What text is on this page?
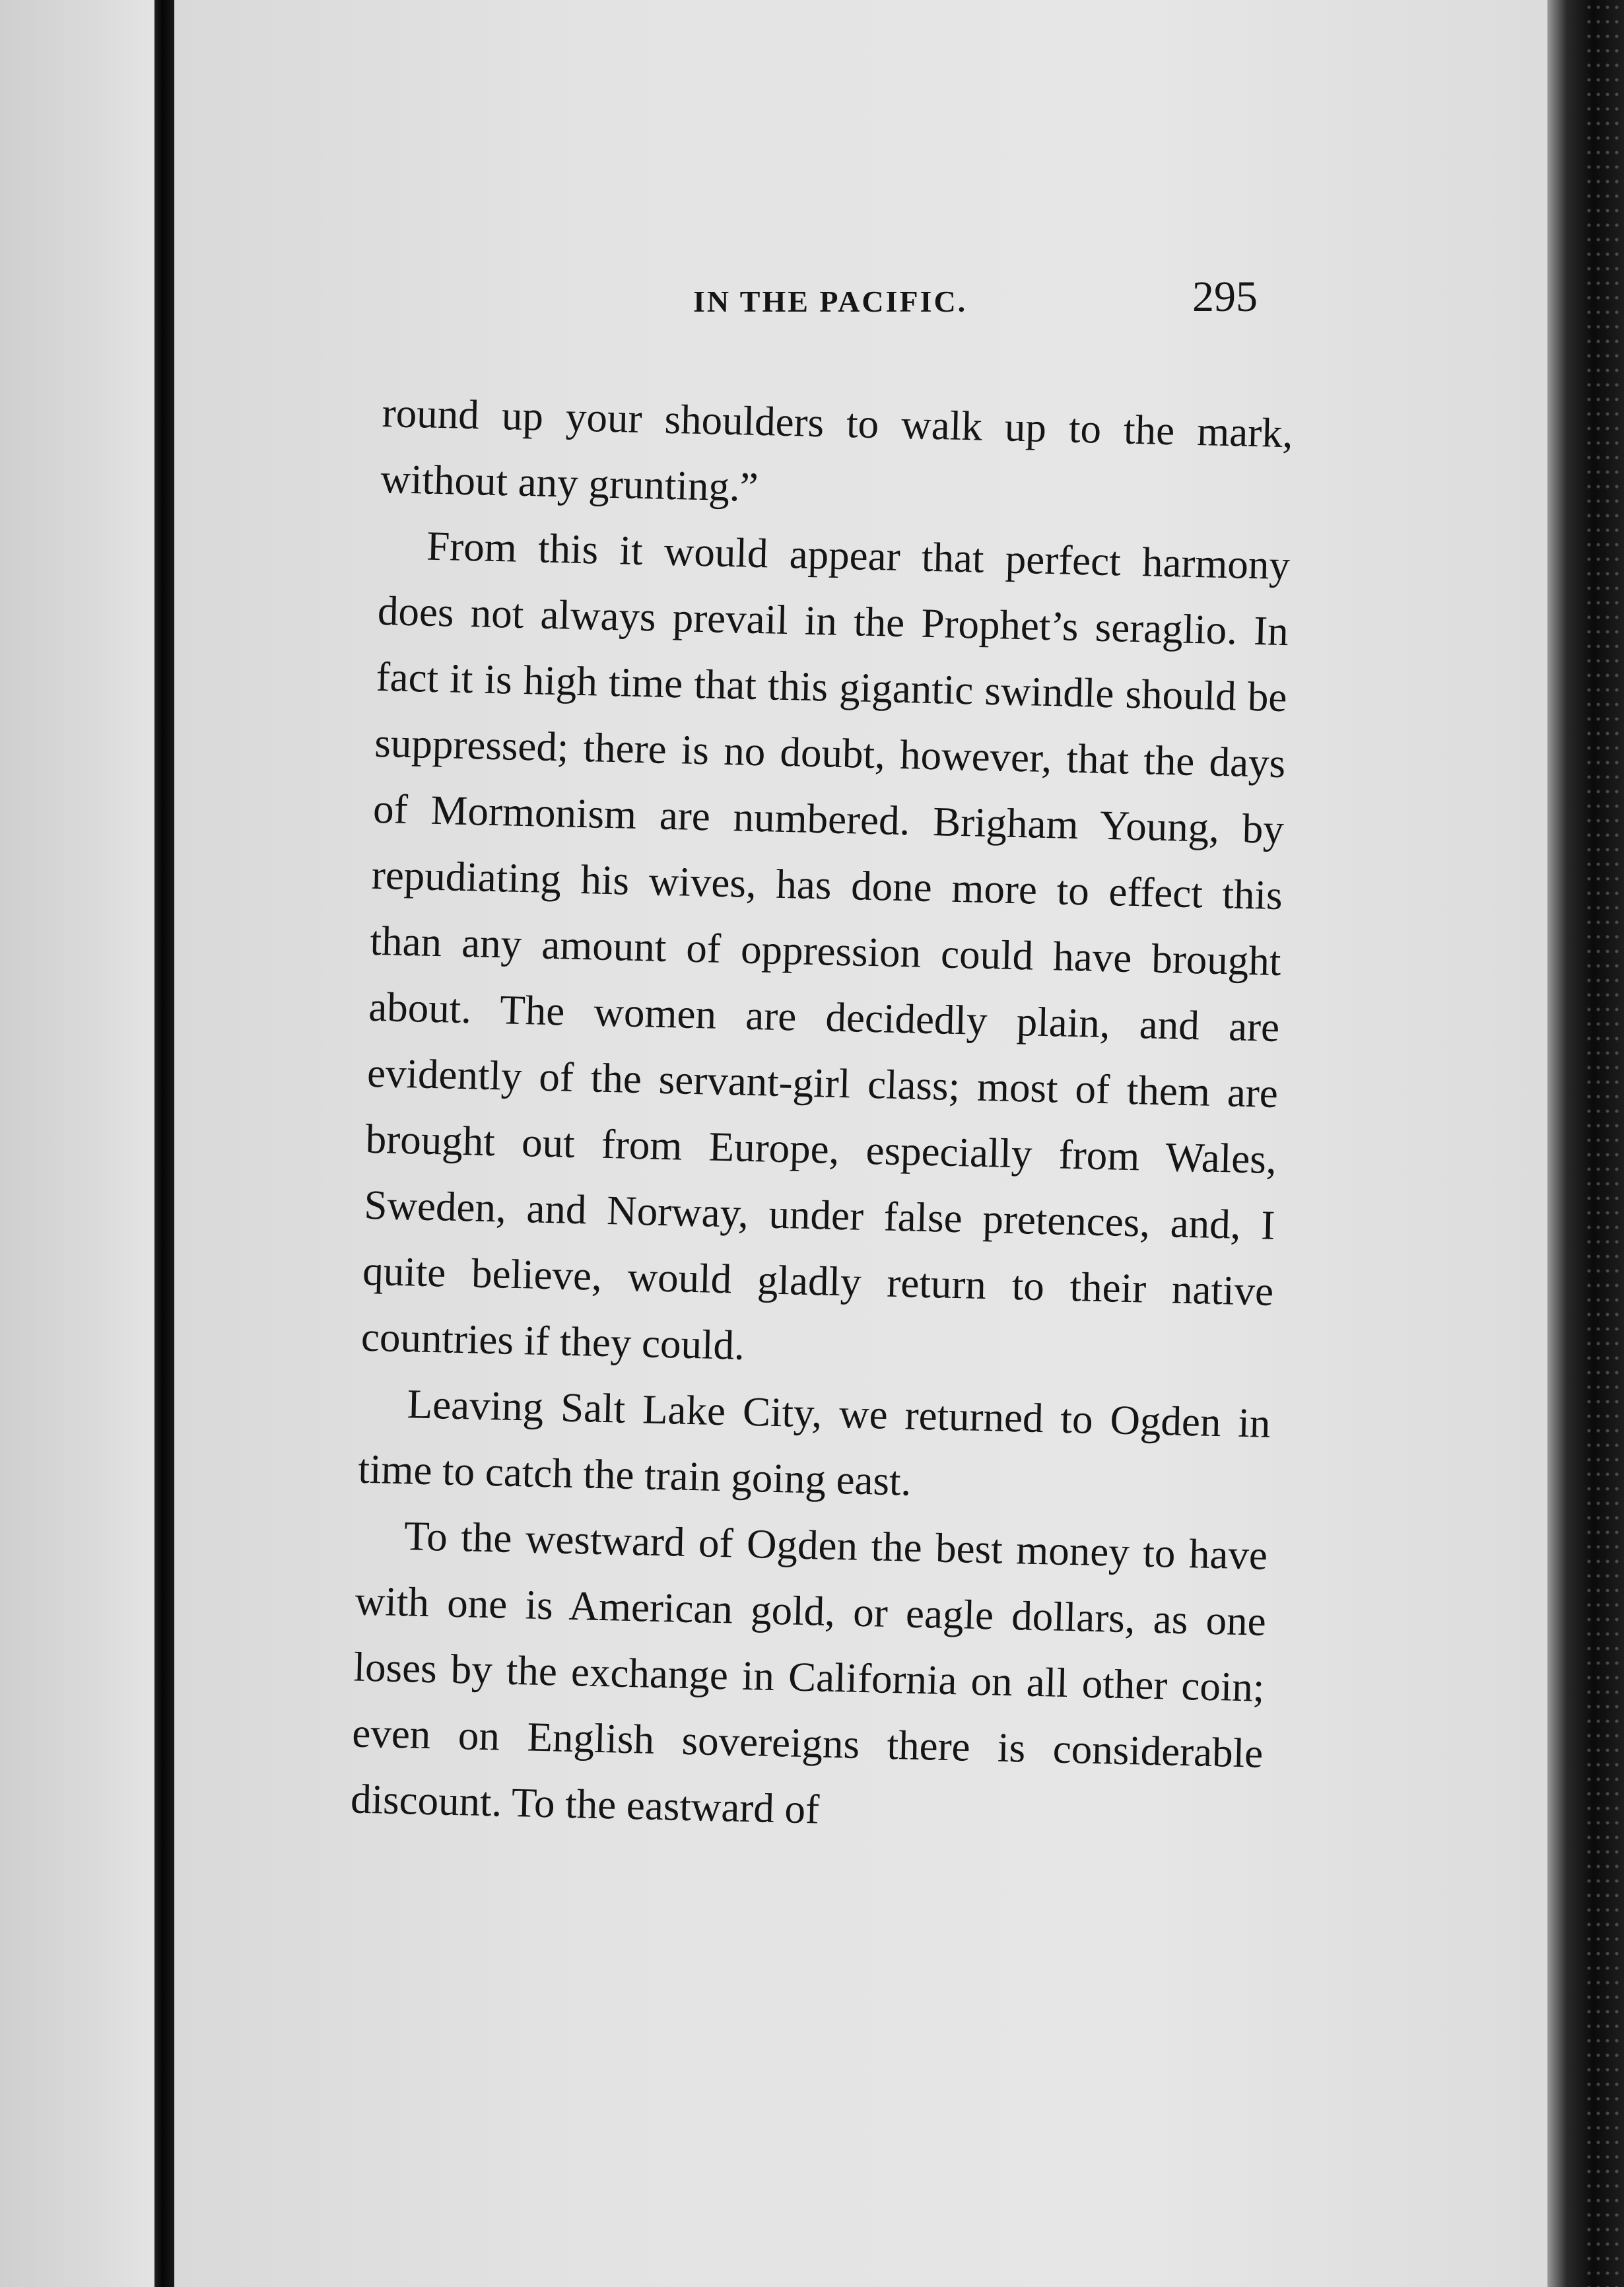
IN THE PACIFIC.	295

round up your shoulders to walk up to the mark, without any grunting.”

From this it would appear that perfect harmony does not always prevail in the Prophet’s seraglio. In fact it is high time that this gigantic swindle should be suppressed; there is no doubt, however, that the days of Mormonism are numbered. Brigham Young, by repudiating his wives, has done more to effect this than any amount of oppression could have brought about. The women are decidedly plain, and are evidently of the servant-girl class; most of them are brought out from Europe, especially from Wales, Sweden, and Norway, under false pretences, and, I quite believe, would gladly return to their native countries if they could.

Leaving Salt Lake City, we returned to Ogden in time to catch the train going east.

To the westward of Ogden the best money to have with one is American gold, or eagle dollars, as one loses by the exchange in California on all other coin; even on English sovereigns there is considerable discount. To the eastward of
